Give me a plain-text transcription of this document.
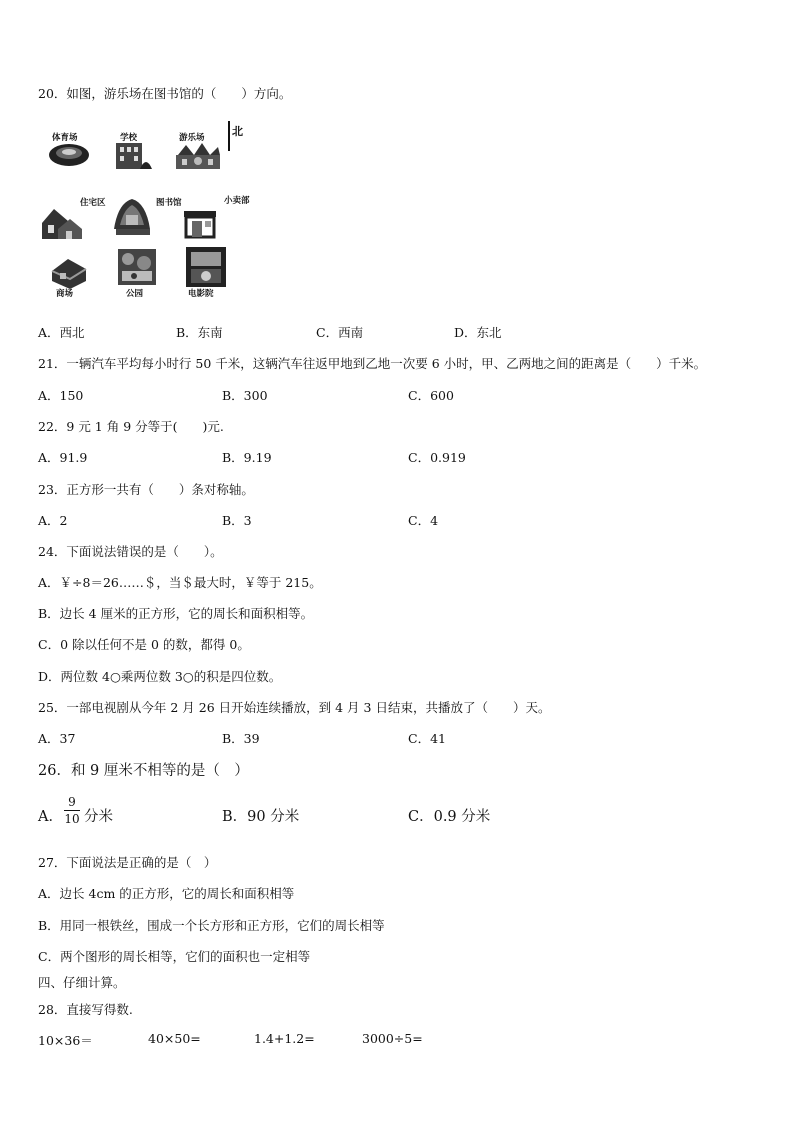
20．如图，游乐场在图书馆的（　　）方向。
体育场	学校	游乐场 北
住宅区	图书馆	小卖部
商场	公园	电影院
A．西北	B．东南	C．西南	D．东北
21．一辆汽车平均每小时行 50 千米，这辆汽车往返甲地到乙地一次要 6 小时，甲、乙两地之间的距离是（　　）千米。
A．150	B．300	C．600
22．9 元 1 角 9 分等于(　　)元.
A．91.9	B．9.19	C．0.919
23．正方形一共有（　　）条对称轴。
A．2	B．3	C．4
24．下面说法错误的是（　　）。
A．￥÷8＝26……＄，当＄最大时，￥等于 215。
B．边长 4 厘米的正方形，它的周长和面积相等。
C．0 除以任何不是 0 的数，都得 0。
D．两位数 4○乘两位数 3○的积是四位数。
25．一部电视剧从今年 2 月 26 日开始连续播放，到 4 月 3 日结束，共播放了（　　）天。
A．37	B．39	C．41
26．和 9 厘米不相等的是（　）
A．
9
10 分米	B．90 分米	C．0.9 分米
27．下面说法是正确的是（　）
A．边长 4cm 的正方形，它的周长和面积相等
B．用同一根铁丝，围成一个长方形和正方形，它们的周长相等
C．两个图形的周长相等，它们的面积也一定相等
四、仔细计算。
28．直接写得数.
10×36＝	40×50=	1.4+1.2=	3000÷5=
